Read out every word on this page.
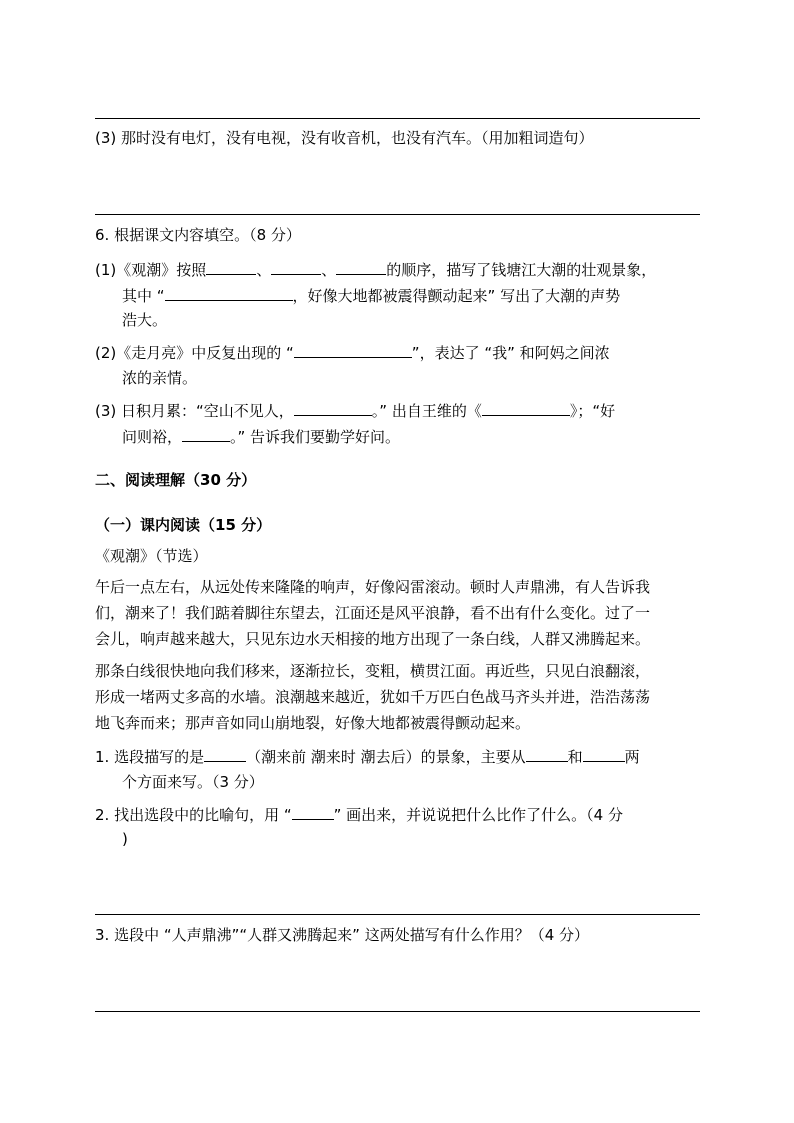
(3) 那时没有电灯，没有电视，没有收音机，也没有汽车。（用加粗词造句）
6. 根据课文内容填空。（8 分）
(1)《观潮》按照	、	、	的顺序，描写了钱塘江大潮的壮观景象，
其中 “	，好像大地都被震得颤动起来” 写出了大潮的声势
浩大。
(2)《走月亮》中反复出现的 “	”，表达了 “我” 和阿妈之间浓
浓的亲情。
(3) 日积月累：“空山不见人，	。” 出自王维的《	》；“好
问则裕，	。” 告诉我们要勤学好问。
二、阅读理解（30 分）
（一）课内阅读（15 分）
《观潮》（节选）
午后一点左右，从远处传来隆隆的响声，好像闷雷滚动。顿时人声鼎沸，有人告诉我
们，潮来了！我们踮着脚往东望去，江面还是风平浪静，看不出有什么变化。过了一
会儿，响声越来越大，只见东边水天相接的地方出现了一条白线，人群又沸腾起来。
那条白线很快地向我们移来，逐渐拉长，变粗，横贯江面。再近些，只见白浪翻滚，
形成一堵两丈多高的水墙。浪潮越来越近，犹如千万匹白色战马齐头并进，浩浩荡荡
地飞奔而来；那声音如同山崩地裂，好像大地都被震得颤动起来。
1. 选段描写的是	（潮来前 潮来时 潮去后）的景象，主要从	和	两
个方面来写。（3 分）
2. 找出选段中的比喻句，用 “	” 画出来，并说说把什么比作了什么。（4 分
)
3. 选段中 “人声鼎沸”“人群又沸腾起来” 这两处描写有什么作用？（4 分）
